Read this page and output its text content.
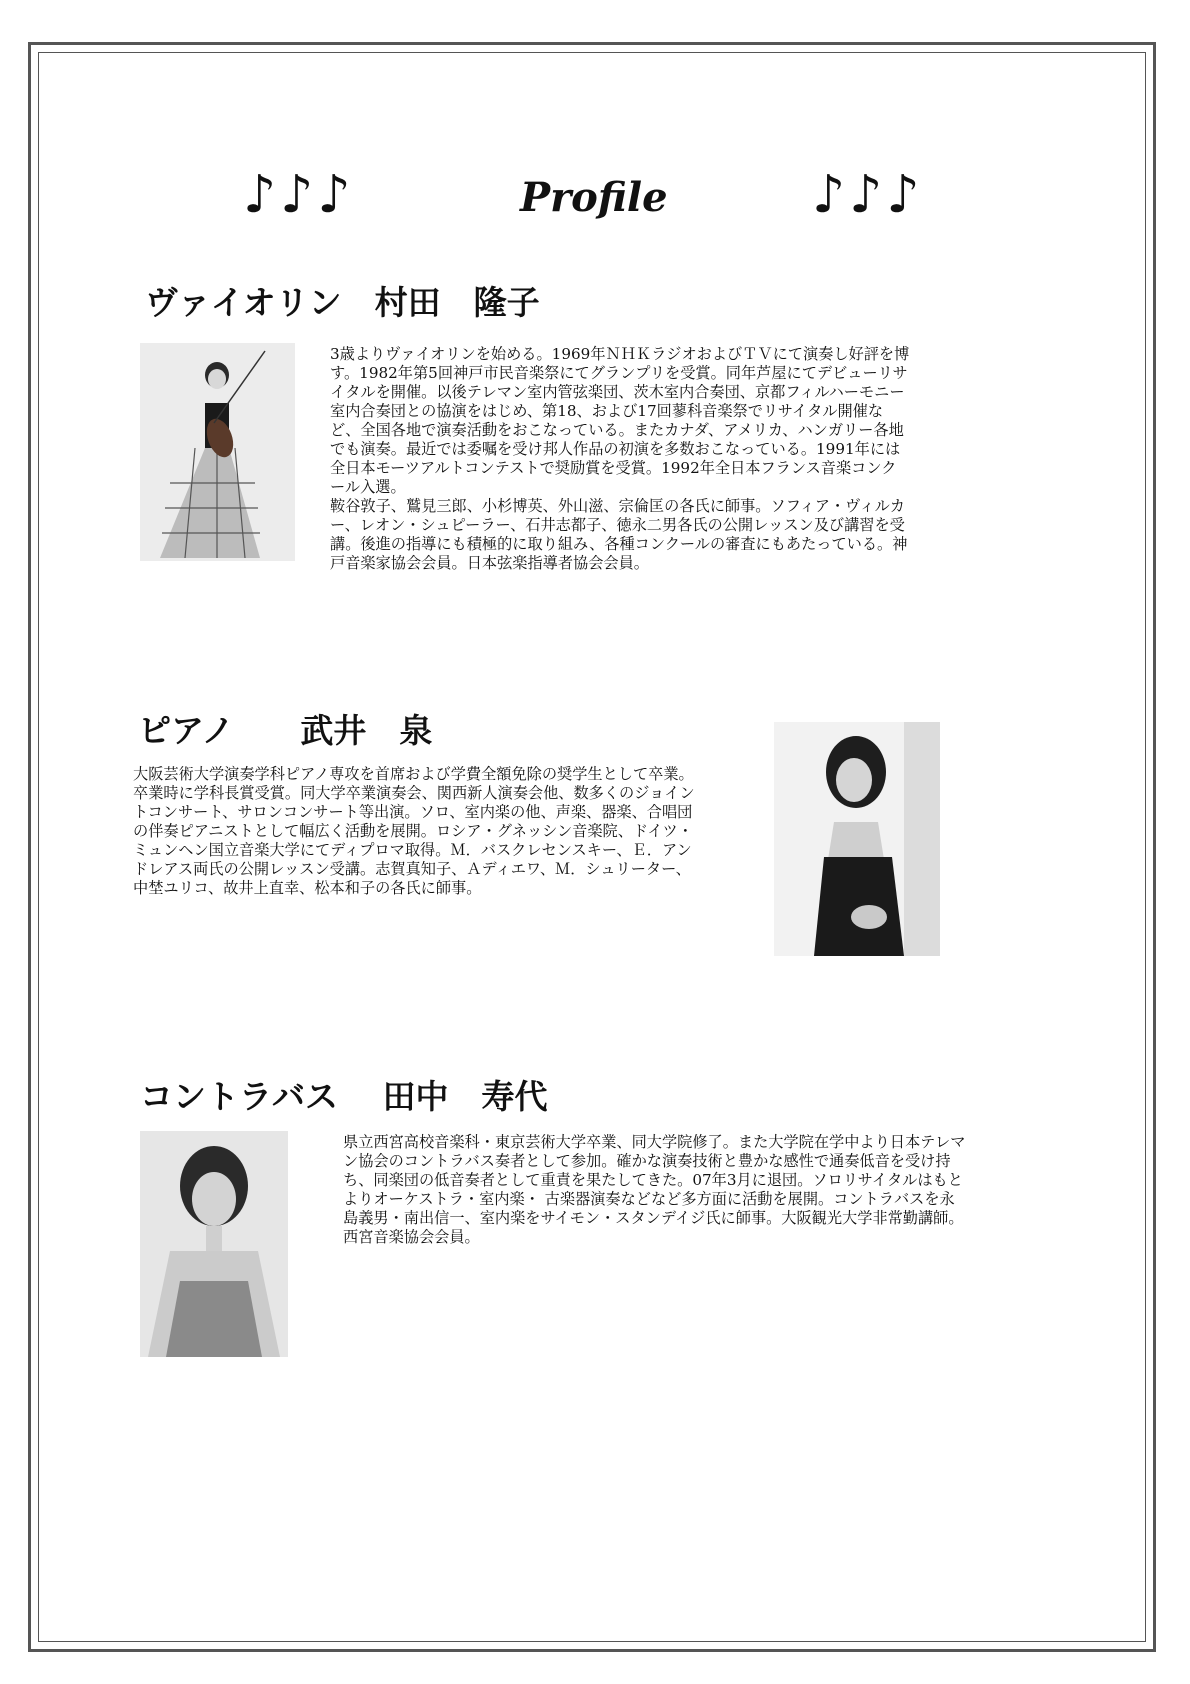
♪♪♪	Profile	♪♪♪
ヴァイオリン　村田　隆子

3歳よりヴァイオリンを始める。1969年ＮＨＫラジオおよびＴＶにて演奏し好評を博す。1982年第5回神戸市民音楽祭にてグランプリを受賞。同年芦屋にてデビューリサイタルを開催。以後テレマン室内管弦楽団、茨木室内合奏団、京都フィルハーモニー室内合奏団との協演をはじめ、第18、および17回蓼科音楽祭でリサイタル開催など、全国各地で演奏活動をおこなっている。またカナダ、アメリカ、ハンガリー各地でも演奏。最近では委嘱を受け邦人作品の初演を多数おこなっている。1991年には全日本モーツアルトコンテストで奨励賞を受賞。1992年全日本フランス音楽コンクール入選。

鞍谷敦子、鷲見三郎、小杉博英、外山滋、宗倫匡の各氏に師事。ソフィア・ヴィルカー、レオン・シュピーラー、石井志都子、徳永二男各氏の公開レッスン及び講習を受講。後進の指導にも積極的に取り組み、各種コンクールの審査にもあたっている。神戸音楽家協会会員。日本弦楽指導者協会会員。

ピアノ　　武井　泉

大阪芸術大学演奏学科ピアノ専攻を首席および学費全額免除の奨学生として卒業。卒業時に学科長賞受賞。同大学卒業演奏会、関西新人演奏会他、数多くのジョイントコンサート、サロンコンサート等出演。ソロ、室内楽の他、声楽、器楽、合唱団の伴奏ピアニストとして幅広く活動を展開。ロシア・グネッシン音楽院、ドイツ・ミュンヘン国立音楽大学にてディプロマ取得。Ｍ．バスクレセンスキー、Ｅ．アンドレアス両氏の公開レッスン受講。志賀真知子、Ａディエワ、Ｍ．シュリーター、中埜ユリコ、故井上直幸、松本和子の各氏に師事。

コントラバス　 田中　寿代

県立西宮高校音楽科・東京芸術大学卒業、同大学院修了。また大学院在学中より日本テレマン協会のコントラバス奏者として参加。確かな演奏技術と豊かな感性で通奏低音を受け持ち、同楽団の低音奏者として重責を果たしてきた。07年3月に退団。ソロリサイタルはもとよりオーケストラ・室内楽・ 古楽器演奏などなど多方面に活動を展開。コントラバスを永島義男・南出信一、室内楽をサイモン・スタンデイジ氏に師事。大阪観光大学非常勤講師。西宮音楽協会会員。
